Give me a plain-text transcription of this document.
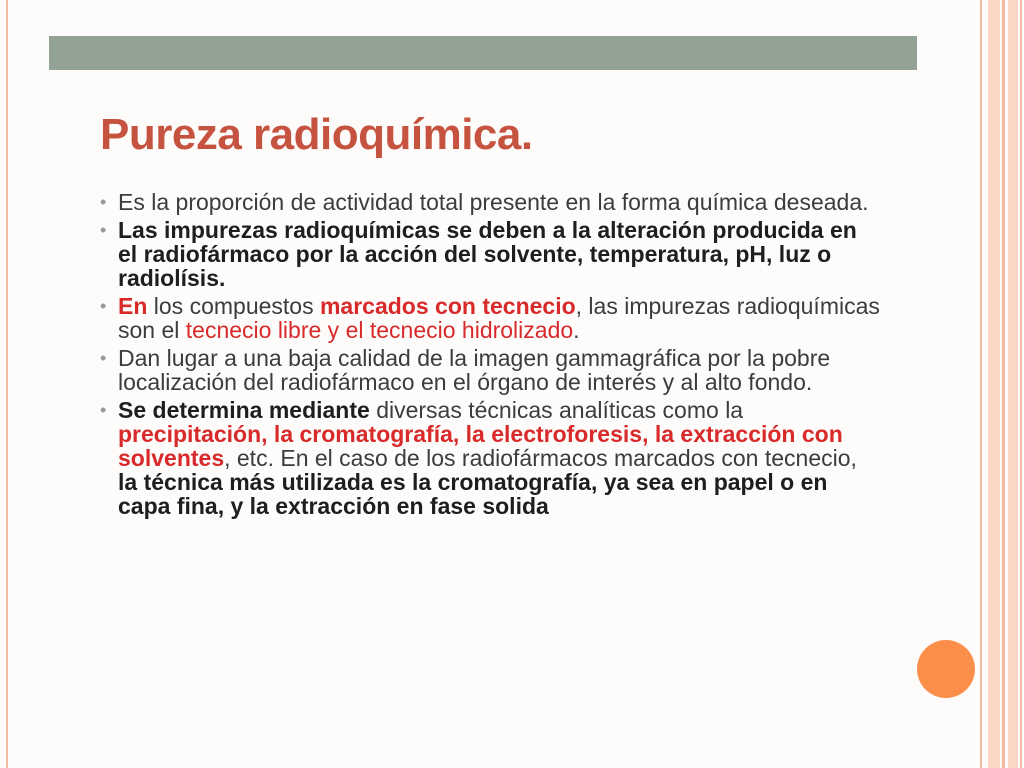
Pureza radioquímica.
• Es la proporción de actividad total presente en la forma química deseada.
• Las impurezas radioquímicas se deben a la alteración producida en el radiofármaco por la acción del solvente, temperatura, pH, luz o radiolísis.
• En los compuestos marcados con tecnecio, las impurezas radioquímicas son el tecnecio libre y el tecnecio hidrolizado.
• Dan lugar a una baja calidad de la imagen gammagráfica por la pobre localización del radiofármaco en el órgano de interés y al alto fondo.
• Se determina mediante diversas técnicas analíticas como la precipitación, la cromatografía, la electroforesis, la extracción con solventes, etc. En el caso de los radiofármacos marcados con tecnecio, la técnica más utilizada es la cromatografía, ya sea en papel o en capa fina, y la extracción en fase solida
